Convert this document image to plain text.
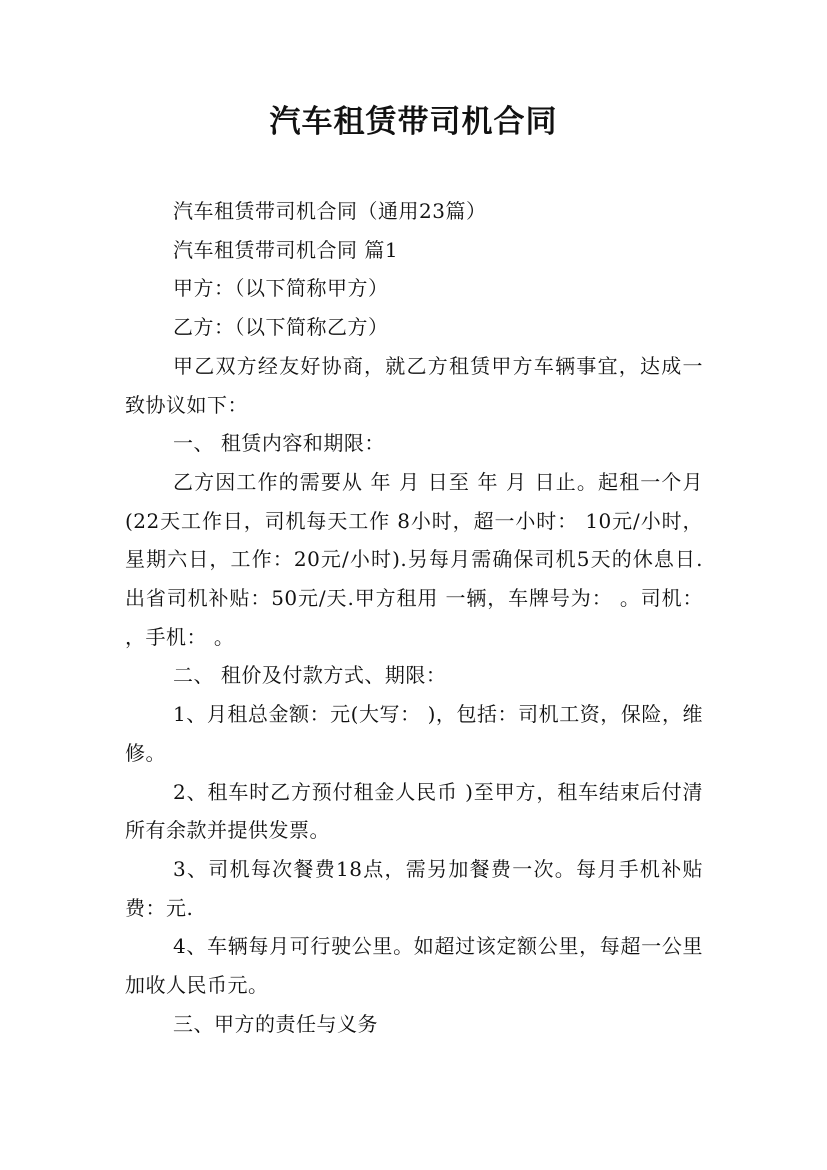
汽车租赁带司机合同

汽车租赁带司机合同（通用23篇）

汽车租赁带司机合同 篇1

甲方：（以下简称甲方）

乙方：（以下简称乙方）

甲乙双方经友好协商，就乙方租赁甲方车辆事宜，达成一致协议如下：

一、 租赁内容和期限：

乙方因工作的需要从 年 月 日至 年 月 日止。起租一个月(22天工作日，司机每天工作 8小时，超一小时： 10元/小时，星期六日，工作：20元/小时).另每月需确保司机5天的休息日.出省司机补贴：50元/天.甲方租用 一辆，车牌号为： 。司机： ，手机： 。

二、 租价及付款方式、期限：

1、月租总金额：元(大写： )，包括：司机工资，保险，维修。

2、租车时乙方预付租金人民币 )至甲方，租车结束后付清所有余款并提供发票。

3、司机每次餐费18点，需另加餐费一次。每月手机补贴费：元.

4、车辆每月可行驶公里。如超过该定额公里，每超一公里加收人民币元。

三、甲方的责任与义务
